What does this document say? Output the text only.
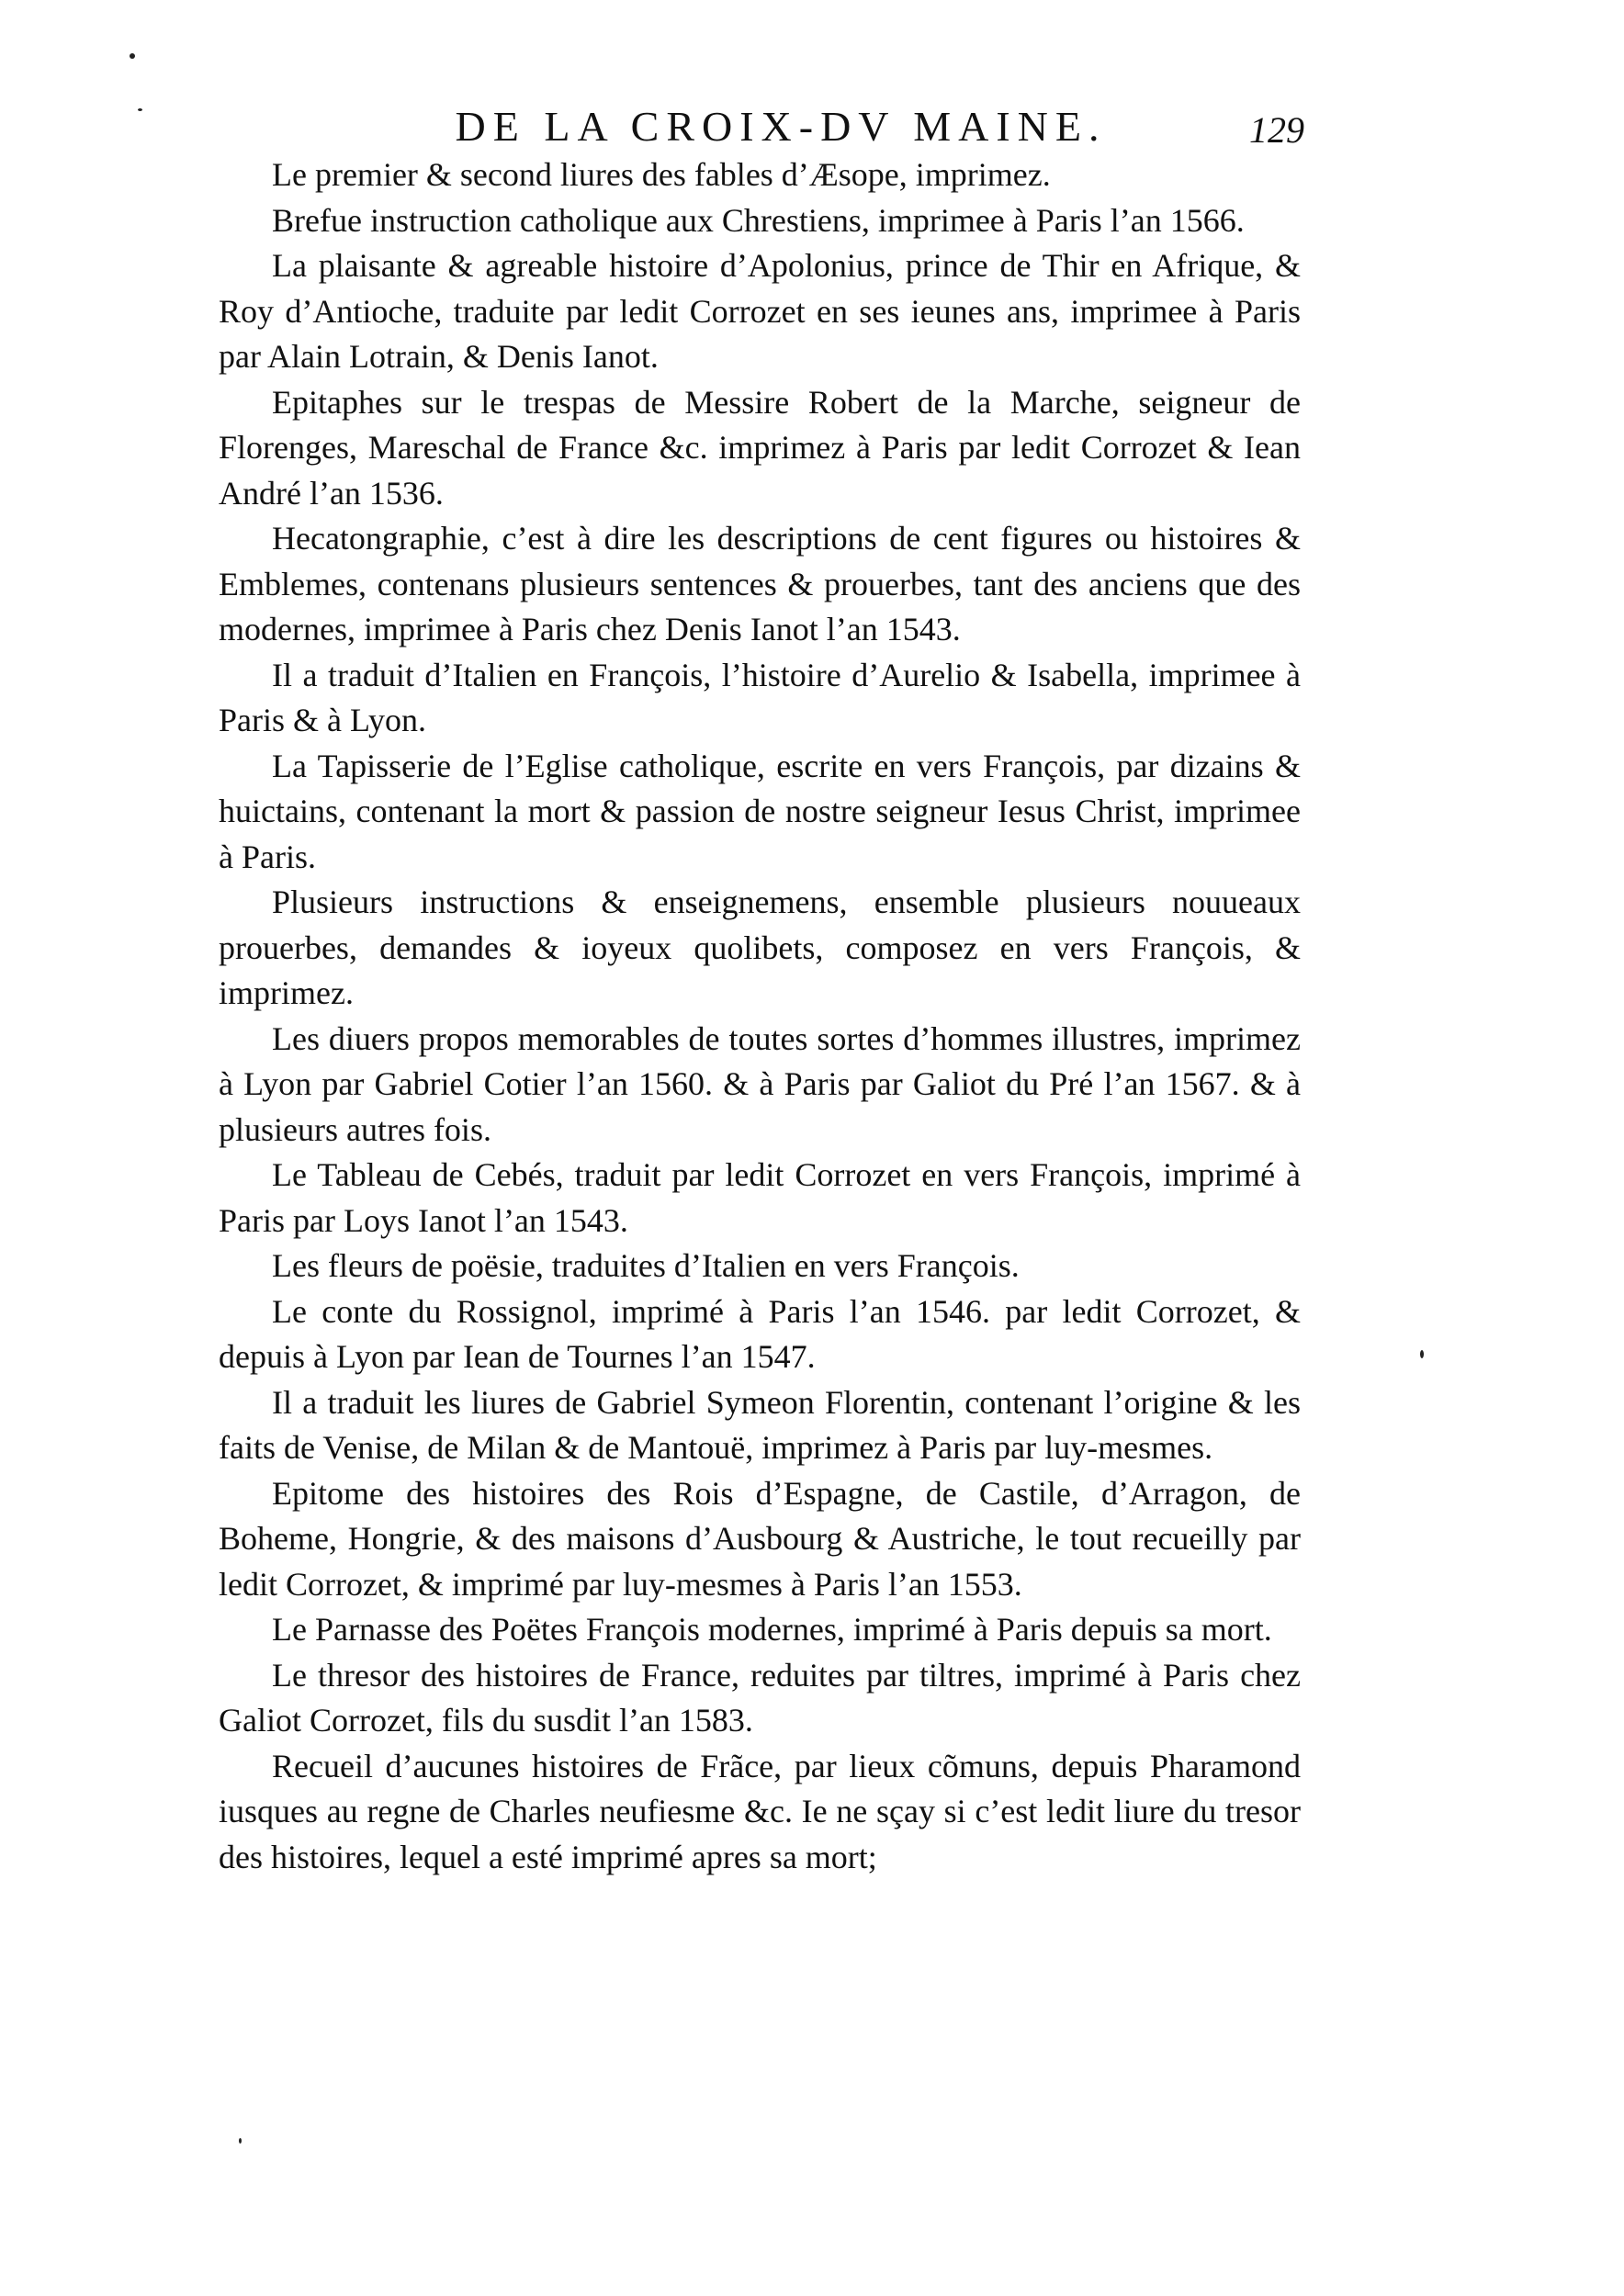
DE LA CROIX-DV MAINE.	129

Le premier & second liures des fables d’Æsope, imprimez.

Brefue instruction catholique aux Chrestiens, imprimee à Paris l’an 1566.

La plaisante & agreable histoire d’Apolonius, prince de Thir en Afrique, & Roy d’Antioche, traduite par ledit Corrozet en ses ieunes ans, imprimee à Paris par Alain Lotrain, & Denis Ianot.

Epitaphes sur le trespas de Messire Robert de la Marche, seigneur de Florenges, Mareschal de France &c. imprimez à Paris par ledit Corrozet & Iean André l’an 1536.

Hecatongraphie, c’est à dire les descriptions de cent figures ou histoires & Emblemes, contenans plusieurs sentences & prouerbes, tant des anciens que des modernes, imprimee à Paris chez Denis Ianot l’an 1543.

Il a traduit d’Italien en François, l’histoire d’Aurelio & Isabella, imprimee à Paris & à Lyon.

La Tapisserie de l’Eglise catholique, escrite en vers François, par dizains & huictains, contenant la mort & passion de nostre seigneur Iesus Christ, imprimee à Paris.

Plusieurs instructions & enseignemens, ensemble plusieurs nouueaux prouerbes, demandes & ioyeux quolibets, composez en vers François, & imprimez.

Les diuers propos memorables de toutes sortes d’hommes illustres, imprimez à Lyon par Gabriel Cotier l’an 1560. & à Paris par Galiot du Pré l’an 1567. & à plusieurs autres fois.

Le Tableau de Cebés, traduit par ledit Corrozet en vers François, imprimé à Paris par Loys Ianot l’an 1543.

Les fleurs de poësie, traduites d’Italien en vers François.

Le conte du Rossignol, imprimé à Paris l’an 1546. par ledit Corrozet, & depuis à Lyon par Iean de Tournes l’an 1547.

Il a traduit les liures de Gabriel Symeon Florentin, contenant l’origine & les faits de Venise, de Milan & de Mantouë, imprimez à Paris par luy-mesmes.

Epitome des histoires des Rois d’Espagne, de Castile, d’Arragon, de Boheme, Hongrie, & des maisons d’Ausbourg & Austriche, le tout recueilly par ledit Corrozet, & imprimé par luy-mesmes à Paris l’an 1553.

Le Parnasse des Poëtes François modernes, imprimé à Paris depuis sa mort.

Le thresor des histoires de France, reduites par tiltres, imprimé à Paris chez Galiot Corrozet, fils du susdit l’an 1583.

Recueil d’aucunes histoires de Frãce, par lieux cõmuns, depuis Pharamond iusques au regne de Charles neufiesme &c. Ie ne sçay si c’est ledit liure du tresor des histoires, lequel a esté imprimé apres sa mort;
